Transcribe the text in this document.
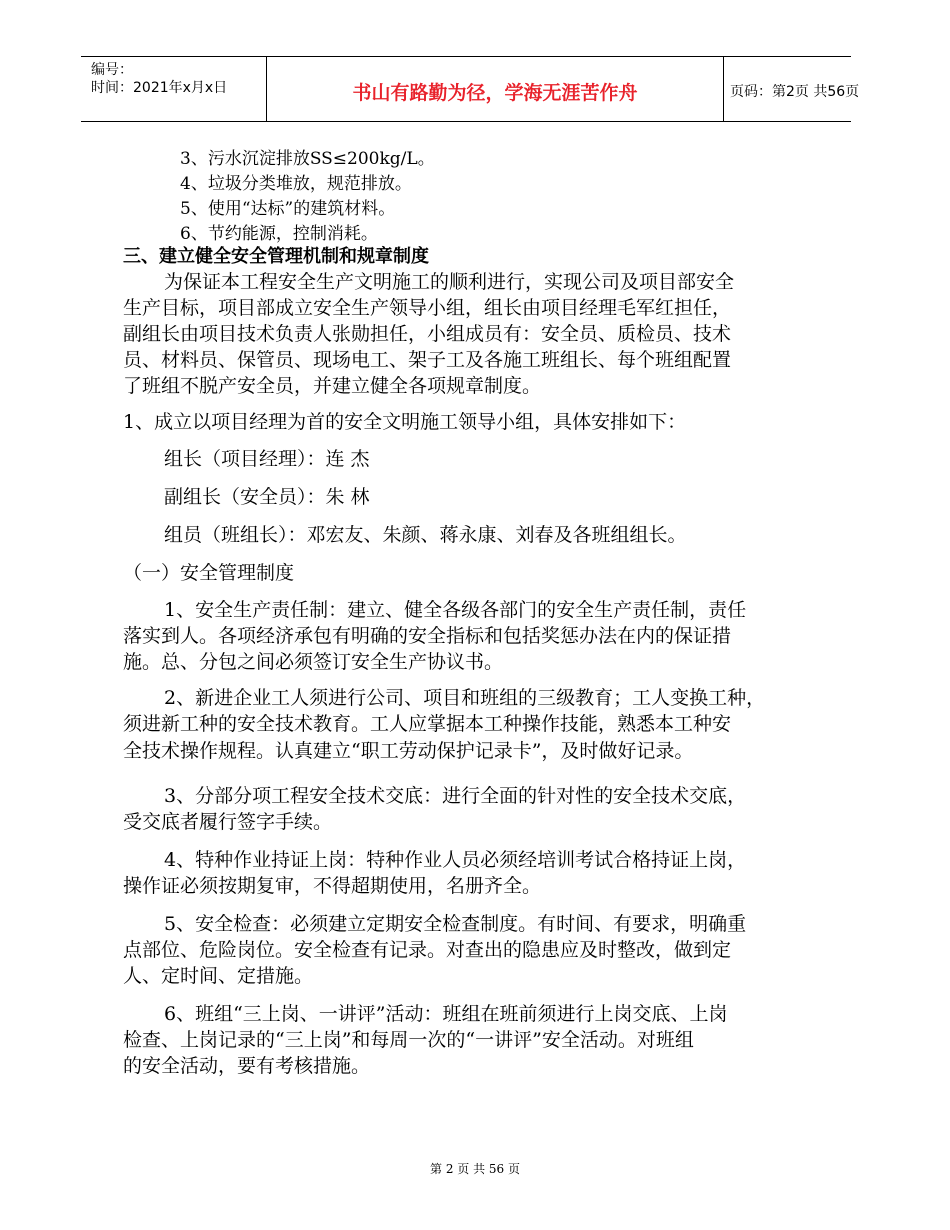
编号：
时间：2021年x月x日	书山有路勤为径，学海无涯苦作舟	页码：第2页 共56页
3、污水沉淀排放SS≤200kg/L。
4、垃圾分类堆放，规范排放。
5、使用“达标”的建筑材料。
6、节约能源，控制消耗。
三、建立健全安全管理机制和规章制度
为保证本工程安全生产文明施工的顺利进行，实现公司及项目部安全
生产目标，项目部成立安全生产领导小组，组长由项目经理毛军红担任，
副组长由项目技术负责人张勋担任，小组成员有：安全员、质检员、技术
员、材料员、保管员、现场电工、架子工及各施工班组长、每个班组配置
了班组不脱产安全员，并建立健全各项规章制度。
1、成立以项目经理为首的安全文明施工领导小组，具体安排如下：
组长（项目经理）：连 杰
副组长（安全员）：朱 林
组员（班组长）：邓宏友、朱颜、蒋永康、刘春及各班组组长。
（一）安全管理制度
1、安全生产责任制：建立、健全各级各部门的安全生产责任制，责任
落实到人。各项经济承包有明确的安全指标和包括奖惩办法在内的保证措
施。总、分包之间必须签订安全生产协议书。
2、新进企业工人须进行公司、项目和班组的三级教育；工人变换工种，
须进新工种的安全技术教育。工人应掌据本工种操作技能，熟悉本工种安
全技术操作规程。认真建立“职工劳动保护记录卡”，及时做好记录。
3、分部分项工程安全技术交底：进行全面的针对性的安全技术交底，
受交底者履行签字手续。
4、特种作业持证上岗：特种作业人员必须经培训考试合格持证上岗，
操作证必须按期复审，不得超期使用，名册齐全。
5、安全检查：必须建立定期安全检查制度。有时间、有要求，明确重
点部位、危险岗位。安全检查有记录。对查出的隐患应及时整改，做到定
人、定时间、定措施。
6、班组“三上岗、一讲评”活动：班组在班前须进行上岗交底、上岗
检查、上岗记录的“三上岗”和每周一次的“一讲评”安全活动。对班组
的安全活动，要有考核措施。
第 2 页 共 56 页
